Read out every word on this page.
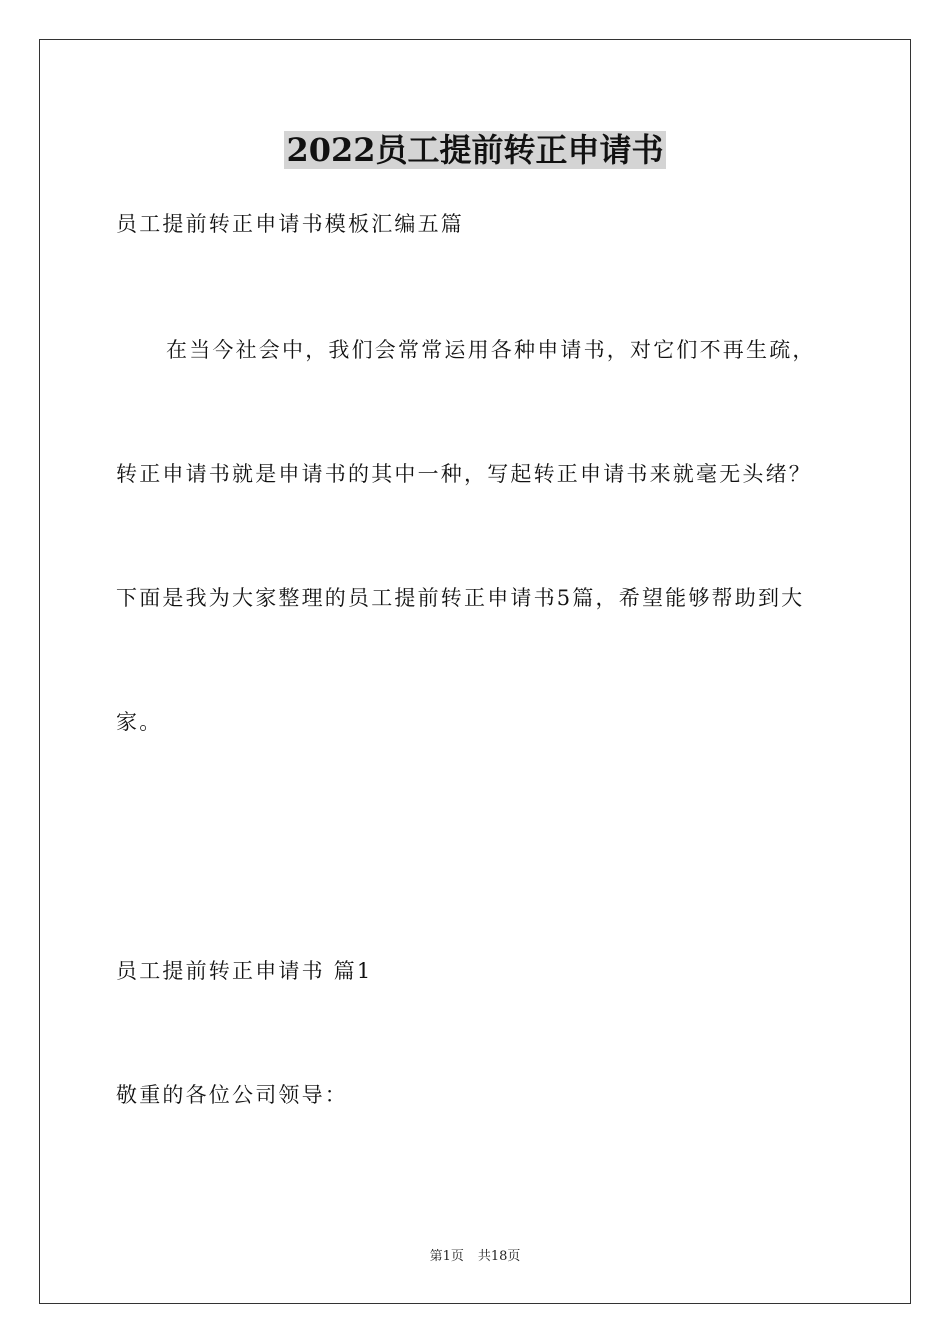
2022员工提前转正申请书
员工提前转正申请书模板汇编五篇
在当今社会中，我们会常常运用各种申请书，对它们不再生疏，
转正申请书就是申请书的其中一种，写起转正申请书来就毫无头绪？
下面是我为大家整理的员工提前转正申请书5篇，希望能够帮助到大
家。
员工提前转正申请书 篇1
敬重的各位公司领导：
第1页 共18页
